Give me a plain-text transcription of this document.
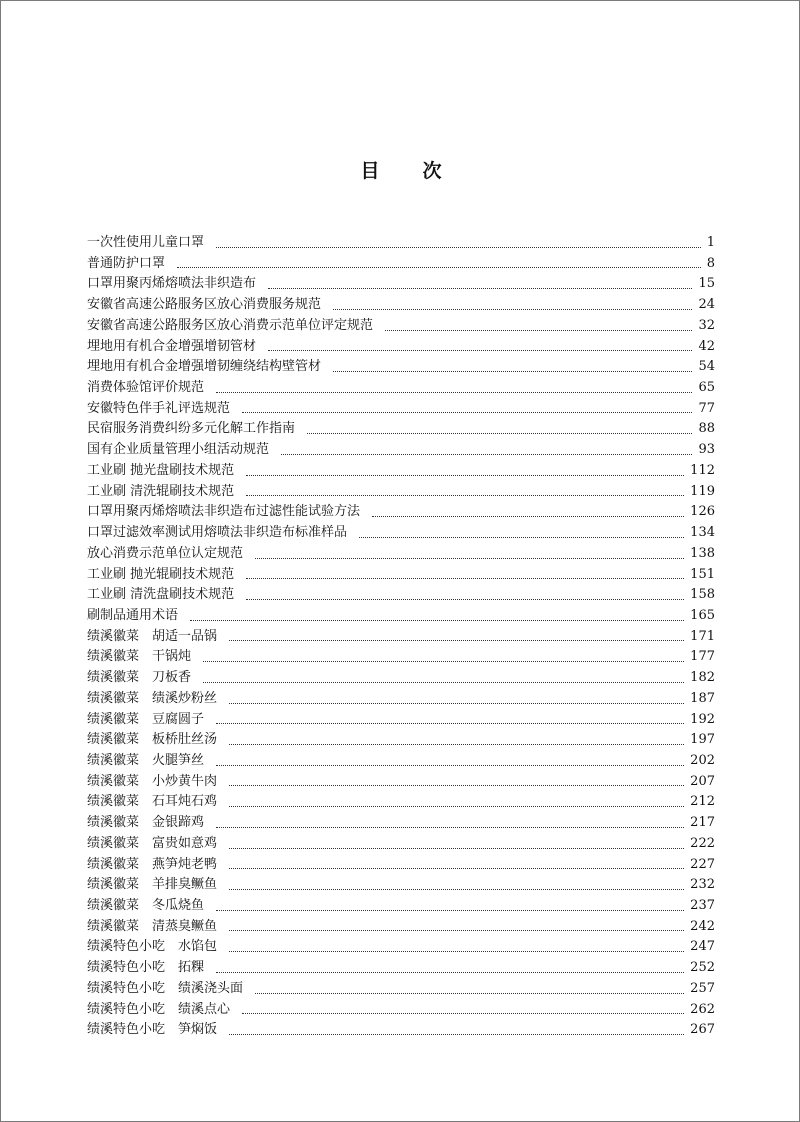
目　次
一次性使用儿童口罩	1
普通防护口罩	8
口罩用聚丙烯熔喷法非织造布	15
安徽省高速公路服务区放心消费服务规范	24
安徽省高速公路服务区放心消费示范单位评定规范	32
埋地用有机合金增强增韧管材	42
埋地用有机合金增强增韧缠绕结构壁管材	54
消费体验馆评价规范	65
安徽特色伴手礼评选规范	77
民宿服务消费纠纷多元化解工作指南	88
国有企业质量管理小组活动规范	93
工业刷 抛光盘刷技术规范	112
工业刷 清洗辊刷技术规范	119
口罩用聚丙烯熔喷法非织造布过滤性能试验方法	126
口罩过滤效率测试用熔喷法非织造布标准样品	134
放心消费示范单位认定规范	138
工业刷 抛光辊刷技术规范	151
工业刷 清洗盘刷技术规范	158
刷制品通用术语	165
绩溪徽菜　胡适一品锅	171
绩溪徽菜　干锅炖	177
绩溪徽菜　刀板香	182
绩溪徽菜　绩溪炒粉丝	187
绩溪徽菜　豆腐圆子	192
绩溪徽菜　板桥肚丝汤	197
绩溪徽菜　火腿笋丝	202
绩溪徽菜　小炒黄牛肉	207
绩溪徽菜　石耳炖石鸡	212
绩溪徽菜　金银蹄鸡	217
绩溪徽菜　富贵如意鸡	222
绩溪徽菜　燕笋炖老鸭	227
绩溪徽菜　羊排臭鳜鱼	232
绩溪徽菜　冬瓜烧鱼	237
绩溪徽菜　清蒸臭鳜鱼	242
绩溪特色小吃　水馅包	247
绩溪特色小吃　拓粿	252
绩溪特色小吃　绩溪浇头面	257
绩溪特色小吃　绩溪点心	262
绩溪特色小吃　笋焖饭	267
